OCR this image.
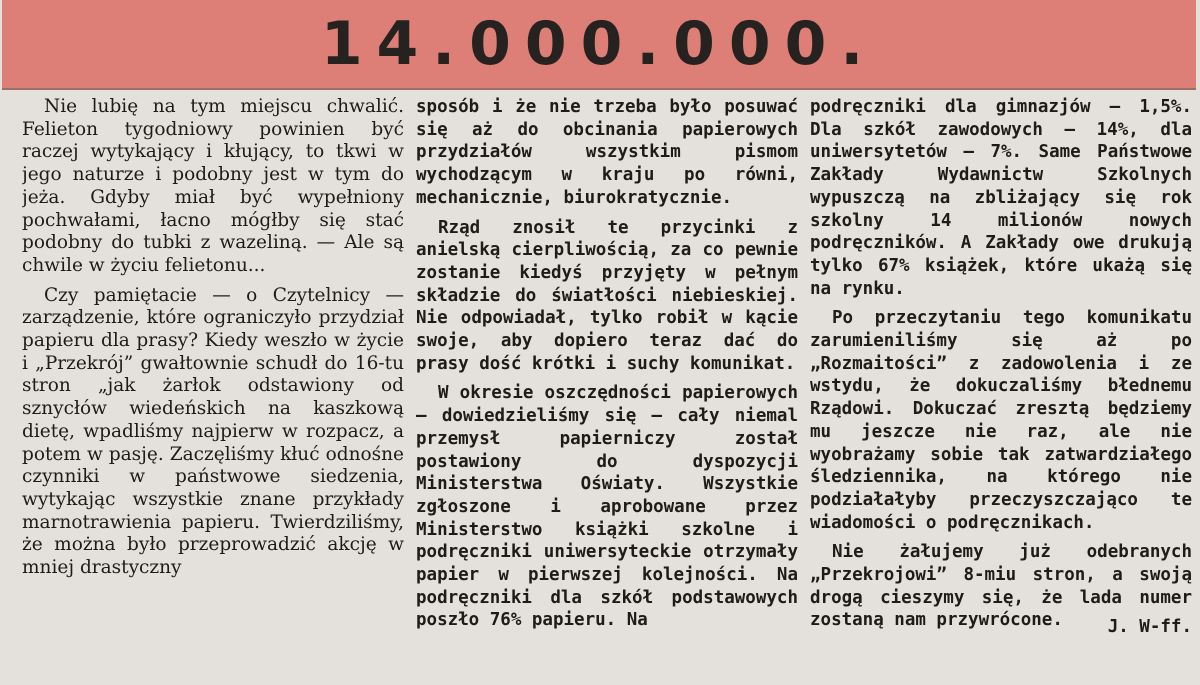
14.000.000.

Nie lubię na tym miejscu chwalić. Felieton tygodniowy powinien być raczej wytykający i kłujący, to tkwi w jego naturze i podobny jest w tym do jeża. Gdyby miał być wypełniony pochwałami, łacno mógłby się stać podobny do tubki z wazeliną. — Ale są chwile w życiu felietonu...

Czy pamiętacie — o Czytelnicy — zarządzenie, które ograniczyło przydział papieru dla prasy? Kiedy weszło w życie i „Przekrój” gwałtownie schudł do 16-tu stron „jak żarłok odstawiony od sznycłów wiedeńskich na kaszkową dietę, wpadliśmy najpierw w rozpacz, a potem w pasję. Zaczęliśmy kłuć odnośne czynniki w państwowe siedzenia, wytykając wszystkie znane przykłady marnotrawienia papieru. Twierdziliśmy, że można było przeprowadzić akcję w mniej drastyczny

sposób i że nie trzeba było posuwać się aż do obcinania papierowych przydziałów wszystkim pismom wychodzącym w kraju po równi, mechanicznie, biurokratycznie.

Rząd znosił te przycinki z anielską cierpliwością, za co pewnie zostanie kiedyś przyjęty w pełnym składzie do światłości niebieskiej. Nie odpowiadał, tylko robił w kącie swoje, aby dopiero teraz dać do prasy dość krótki i suchy komunikat.

W okresie oszczędności papierowych — dowiedzieliśmy się — cały niemal przemysł papierniczy został postawiony do dyspozycji Ministerstwa Oświaty. Wszystkie zgłoszone i aprobowane przez Ministerstwo książki szkolne i podręczniki uniwersyteckie otrzymały papier w pierwszej kolejności. Na podręczniki dla szkół podstawowych poszło 76% papieru. Na

podręczniki dla gimnazjów — 1,5%. Dla szkół zawodowych — 14%, dla uniwersytetów — 7%. Same Państwowe Zakłady Wydawnictw Szkolnych wypuszczą na zbliżający się rok szkolny 14 milionów nowych podręczników. A Zakłady owe drukują tylko 67% książek, które ukażą się na rynku.

Po przeczytaniu tego komunikatu zarumieniliśmy się aż po „Rozmaitości” z zadowolenia i ze wstydu, że dokuczaliśmy błednemu Rządowi. Dokuczać zresztą będziemy mu jeszcze nie raz, ale nie wyobrażamy sobie tak zatwardziałego śledziennika, na którego nie podziałałyby przeczyszczająco te wiadomości o podręcznikach.

Nie żałujemy już odebranych „Przekrojowi” 8-miu stron, a swoją drogą cieszymy się, że lada numer zostaną nam przywrócone.	J. W-ff.
